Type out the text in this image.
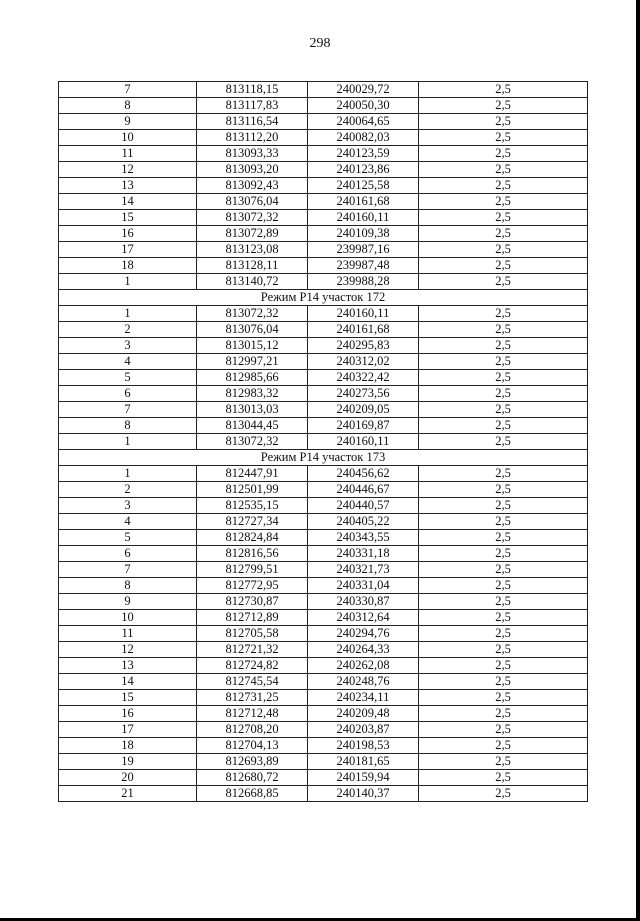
298
7	813118,15	240029,72	2,5
8	813117,83	240050,30	2,5
9	813116,54	240064,65	2,5
10	813112,20	240082,03	2,5
11	813093,33	240123,59	2,5
12	813093,20	240123,86	2,5
13	813092,43	240125,58	2,5
14	813076,04	240161,68	2,5
15	813072,32	240160,11	2,5
16	813072,89	240109,38	2,5
17	813123,08	239987,16	2,5
18	813128,11	239987,48	2,5
1	813140,72	239988,28	2,5
Режим Р14 участок 172			
1	813072,32	240160,11	2,5
2	813076,04	240161,68	2,5
3	813015,12	240295,83	2,5
4	812997,21	240312,02	2,5
5	812985,66	240322,42	2,5
6	812983,32	240273,56	2,5
7	813013,03	240209,05	2,5
8	813044,45	240169,87	2,5
1	813072,32	240160,11	2,5
Режим Р14 участок 173			
1	812447,91	240456,62	2,5
2	812501,99	240446,67	2,5
3	812535,15	240440,57	2,5
4	812727,34	240405,22	2,5
5	812824,84	240343,55	2,5
6	812816,56	240331,18	2,5
7	812799,51	240321,73	2,5
8	812772,95	240331,04	2,5
9	812730,87	240330,87	2,5
10	812712,89	240312,64	2,5
11	812705,58	240294,76	2,5
12	812721,32	240264,33	2,5
13	812724,82	240262,08	2,5
14	812745,54	240248,76	2,5
15	812731,25	240234,11	2,5
16	812712,48	240209,48	2,5
17	812708,20	240203,87	2,5
18	812704,13	240198,53	2,5
19	812693,89	240181,65	2,5
20	812680,72	240159,94	2,5
21	812668,85	240140,37	2,5
